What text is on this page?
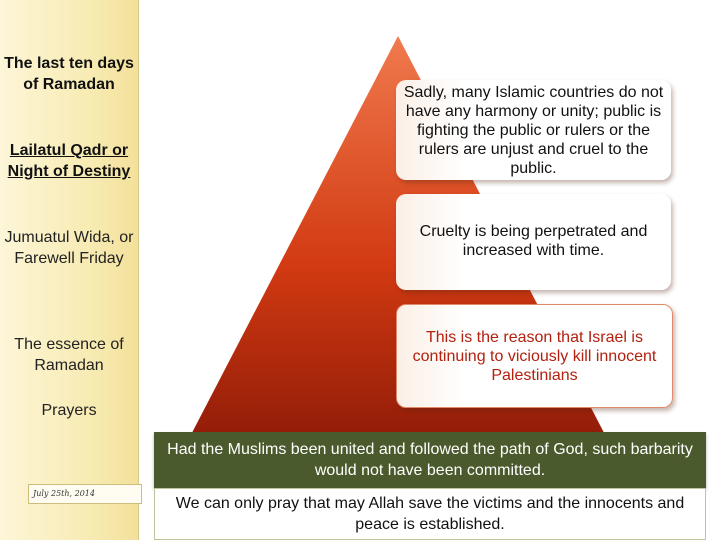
The last ten days of Ramadan
Lailatul Qadr or Night of Destiny
Jumuatul Wida, or Farewell Friday
The essence of Ramadan
Prayers
July 25th, 2014
Sadly, many Islamic countries do not have any harmony or unity; public is fighting the public or rulers or the rulers are unjust and cruel to the public.
Cruelty is being perpetrated and increased with time.
This is the reason that Israel is continuing to viciously kill innocent Palestinians
Had the Muslims been united and followed the path of God, such barbarity would not have been committed.
We can only pray that may Allah save the victims and the innocents and peace is established.
